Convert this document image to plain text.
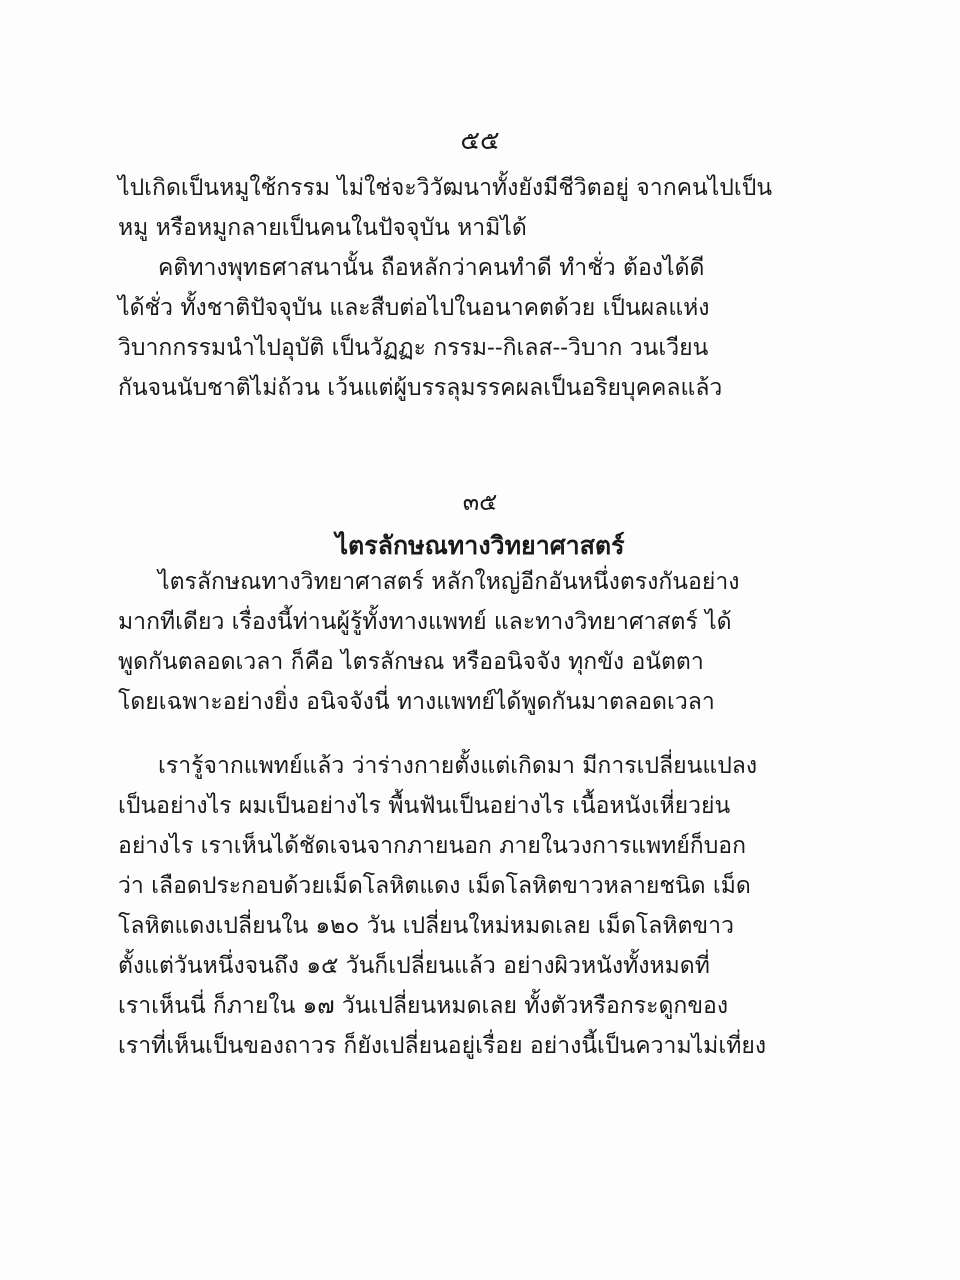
๕๕
ไปเกิดเป็นหมูใช้กรรม ไม่ใช่จะวิวัฒนาทั้งยังมีชีวิตอยู่ จากคนไปเป็น
หมู หรือหมูกลายเป็นคนในปัจจุบัน หามิได้
คติทางพุทธศาสนานั้น ถือหลักว่าคนทำดี ทำชั่ว ต้องได้ดี
ได้ชั่ว ทั้งชาติปัจจุบัน และสืบต่อไปในอนาคตด้วย เป็นผลแห่ง
วิบากกรรมนำไปอุบัติ เป็นวัฏฏะ กรรม--กิเลส--วิบาก วนเวียน
กันจนนับชาติไม่ถ้วน เว้นแต่ผู้บรรลุมรรคผลเป็นอริยบุคคลแล้ว
๓๕
ไตรลักษณทางวิทยาศาสตร์
ไตรลักษณทางวิทยาศาสตร์ หลักใหญ่อีกอันหนึ่งตรงกันอย่าง
มากทีเดียว เรื่องนี้ท่านผู้รู้ทั้งทางแพทย์ และทางวิทยาศาสตร์ ได้
พูดกันตลอดเวลา ก็คือ ไตรลักษณ หรืออนิจจัง ทุกขัง อนัตตา
โดยเฉพาะอย่างยิ่ง อนิจจังนี่ ทางแพทย์ได้พูดกันมาตลอดเวลา
เรารู้จากแพทย์แล้ว ว่าร่างกายตั้งแต่เกิดมา มีการเปลี่ยนแปลง
เป็นอย่างไร ผมเป็นอย่างไร พื้นฟันเป็นอย่างไร เนื้อหนังเหี่ยวย่น
อย่างไร เราเห็นได้ชัดเจนจากภายนอก ภายในวงการแพทย์ก็บอก
ว่า เลือดประกอบด้วยเม็ดโลหิตแดง เม็ดโลหิตขาวหลายชนิด เม็ด
โลหิตแดงเปลี่ยนใน ๑๒๐ วัน เปลี่ยนใหม่หมดเลย เม็ดโลหิตขาว
ตั้งแต่วันหนึ่งจนถึง ๑๕ วันก็เปลี่ยนแล้ว อย่างผิวหนังทั้งหมดที่
เราเห็นนี่ ก็ภายใน ๑๗ วันเปลี่ยนหมดเลย ทั้งตัวหรือกระดูกของ
เราที่เห็นเป็นของถาวร ก็ยังเปลี่ยนอยู่เรื่อย อย่างนี้เป็นความไม่เที่ยง
